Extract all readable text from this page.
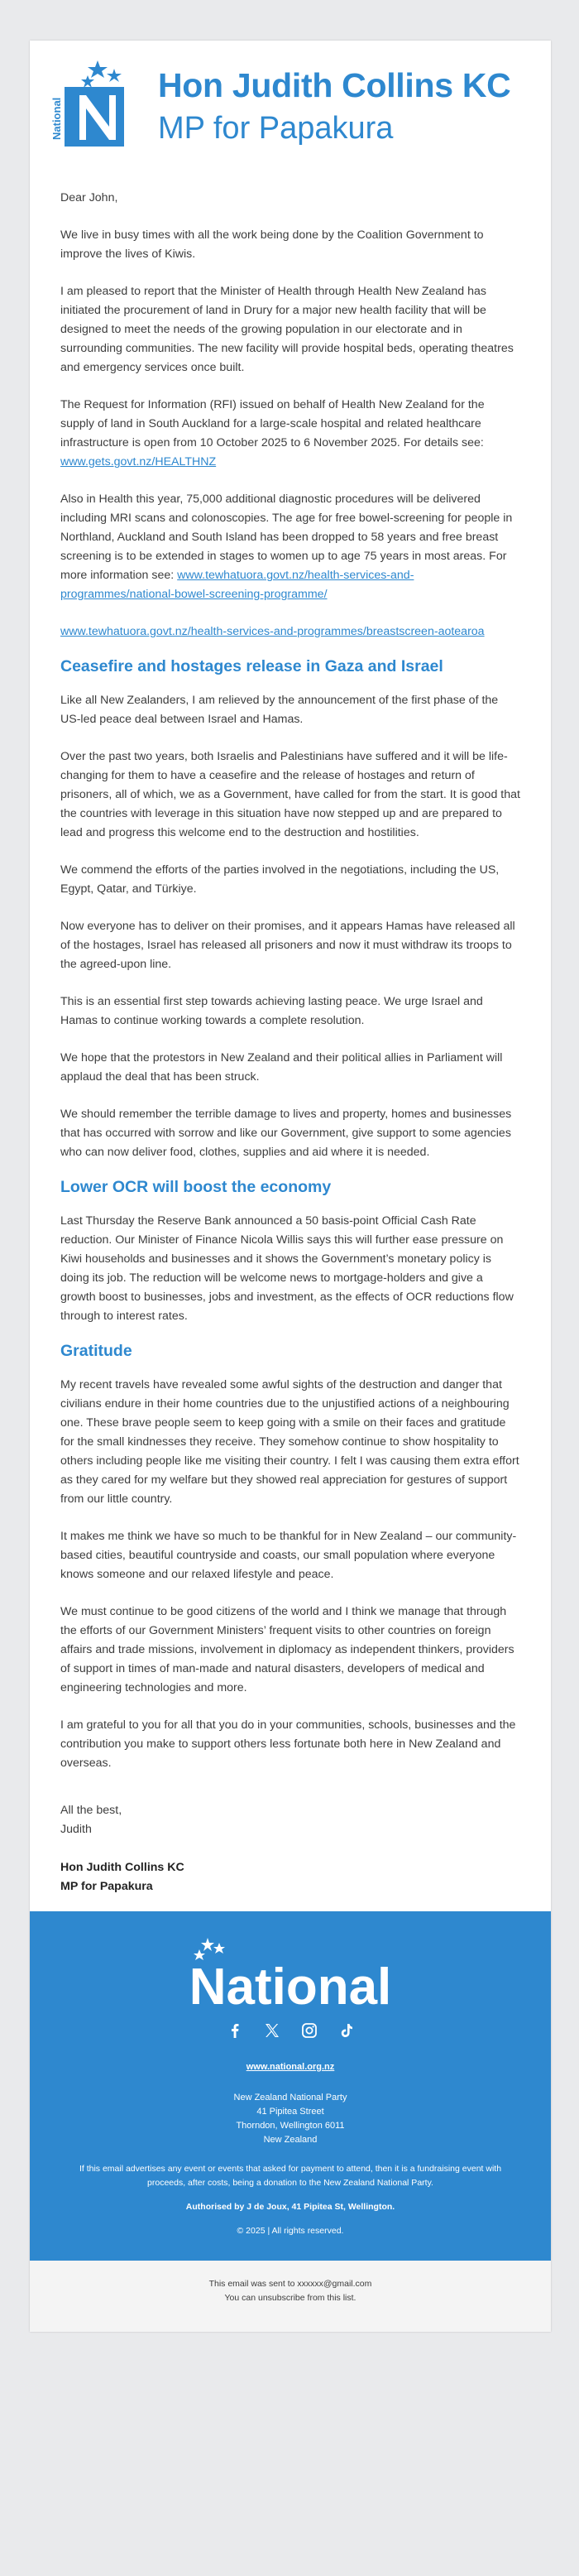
National
Hon Judith Collins KC
MP for Papakura

Dear John,

We live in busy times with all the work being done by the Coalition Government to improve the lives of Kiwis.

I am pleased to report that the Minister of Health through Health New Zealand has initiated the procurement of land in Drury for a major new health facility that will be designed to meet the needs of the growing population in our electorate and in surrounding communities. The new facility will provide hospital beds, operating theatres and emergency services once built.

The Request for Information (RFI) issued on behalf of Health New Zealand for the supply of land in South Auckland for a large-scale hospital and related healthcare infrastructure is open from 10 October 2025 to 6 November 2025. For details see: www.gets.govt.nz/HEALTHNZ

Also in Health this year, 75,000 additional diagnostic procedures will be delivered including MRI scans and colonoscopies. The age for free bowel-screening for people in Northland, Auckland and South Island has been dropped to 58 years and free breast screening is to be extended in stages to women up to age 75 years in most areas. For more information see: www.tewhatuora.govt.nz/health-services-and-programmes/national-bowel-screening-programme/

www.tewhatuora.govt.nz/health-services-and-programmes/breastscreen-aotearoa

Ceasefire and hostages release in Gaza and Israel

Like all New Zealanders, I am relieved by the announcement of the first phase of the US-led peace deal between Israel and Hamas.

Over the past two years, both Israelis and Palestinians have suffered and it will be life-changing for them to have a ceasefire and the release of hostages and return of prisoners, all of which, we as a Government, have called for from the start. It is good that the countries with leverage in this situation have now stepped up and are prepared to lead and progress this welcome end to the destruction and hostilities.

We commend the efforts of the parties involved in the negotiations, including the US, Egypt, Qatar, and Türkiye.

Now everyone has to deliver on their promises, and it appears Hamas have released all of the hostages, Israel has released all prisoners and now it must withdraw its troops to the agreed-upon line.

This is an essential first step towards achieving lasting peace. We urge Israel and Hamas to continue working towards a complete resolution.

We hope that the protestors in New Zealand and their political allies in Parliament will applaud the deal that has been struck.

We should remember the terrible damage to lives and property, homes and businesses that has occurred with sorrow and like our Government, give support to some agencies who can now deliver food, clothes, supplies and aid where it is needed.

Lower OCR will boost the economy

Last Thursday the Reserve Bank announced a 50 basis-point Official Cash Rate reduction. Our Minister of Finance Nicola Willis says this will further ease pressure on Kiwi households and businesses and it shows the Government’s monetary policy is doing its job. The reduction will be welcome news to mortgage-holders and give a growth boost to businesses, jobs and investment, as the effects of OCR reductions flow through to interest rates.

Gratitude

My recent travels have revealed some awful sights of the destruction and danger that civilians endure in their home countries due to the unjustified actions of a neighbouring one. These brave people seem to keep going with a smile on their faces and gratitude for the small kindnesses they receive. They somehow continue to show hospitality to others including people like me visiting their country. I felt I was causing them extra effort as they cared for my welfare but they showed real appreciation for gestures of support from our little country.

It makes me think we have so much to be thankful for in New Zealand – our community- based cities, beautiful countryside and coasts, our small population where everyone knows someone and our relaxed lifestyle and peace.

We must continue to be good citizens of the world and I think we manage that through the efforts of our Government Ministers’ frequent visits to other countries on foreign affairs and trade missions, involvement in diplomacy as independent thinkers, providers of support in times of man-made and natural disasters, developers of medical and engineering technologies and more.

I am grateful to you for all that you do in your communities, schools, businesses and the contribution you make to support others less fortunate both here in New Zealand and overseas.

All the best,
Judith
Hon Judith Collins KC
MP for Papakura
National
www.national.org.nz
New Zealand National Party
41 Pipitea Street
Thorndon, Wellington 6011
New Zealand
If this email advertises any event or events that asked for payment to attend, then it is a fundraising event with proceeds, after costs, being a donation to the New Zealand National Party.
Authorised by J de Joux, 41 Pipitea St, Wellington.
© 2025 | All rights reserved.
This email was sent to xxxxxx@gmail.com
You can unsubscribe from this list.
